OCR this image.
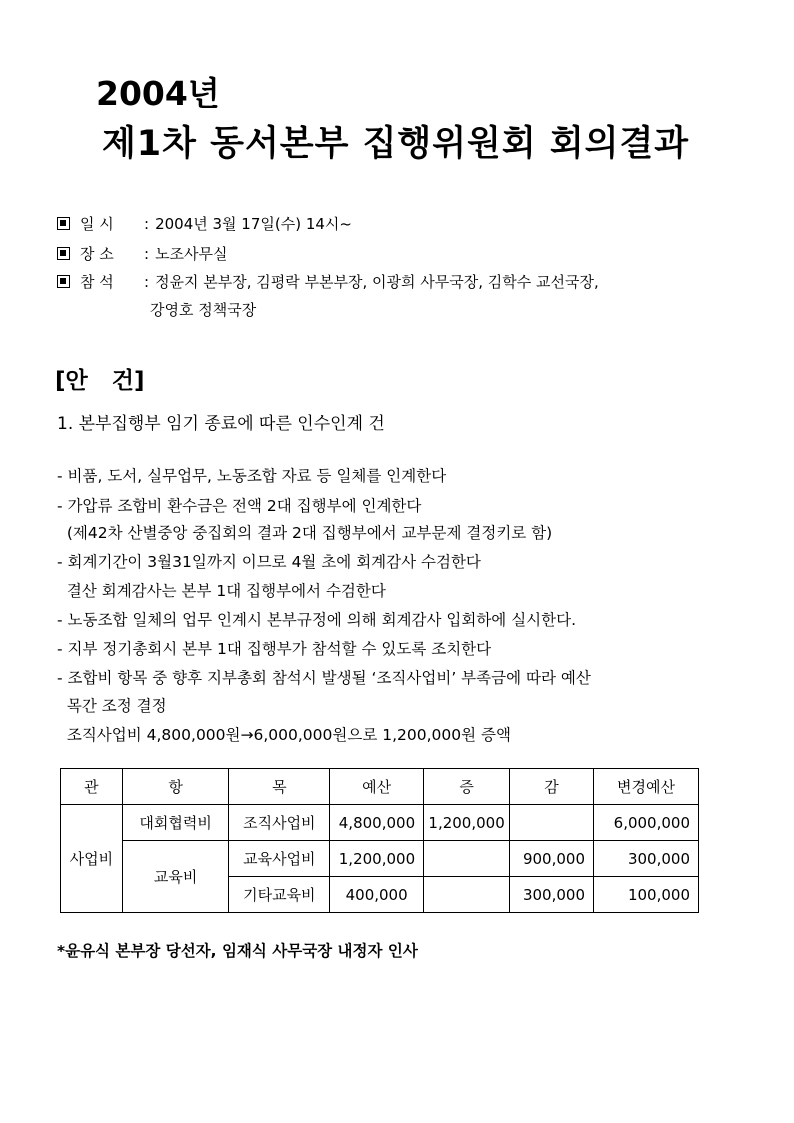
2004년
제1차 동서본부 집행위원회 회의결과
일 시 : 2004년 3월 17일(수) 14시~
장 소 : 노조사무실
참 석 : 정윤지 본부장, 김평락 부본부장, 이광희 사무국장, 김학수 교선국장,
강영호 정책국장
[안   건]
1. 본부집행부 임기 종료에 따른 인수인계 건
- 비품, 도서, 실무업무, 노동조합 자료 등 일체를 인계한다
- 가압류 조합비 환수금은 전액 2대 집행부에 인계한다
(제42차 산별중앙 중집회의 결과 2대 집행부에서 교부문제 결정키로 함)
- 회계기간이 3월31일까지 이므로 4월 초에 회계감사 수검한다
결산 회계감사는 본부 1대 집행부에서 수검한다
- 노동조합 일체의 업무 인계시 본부규정에 의해 회계감사 입회하에 실시한다.
- 지부 정기총회시 본부 1대 집행부가 참석할 수 있도록 조치한다
- 조합비 항목 중 향후 지부총회 참석시 발생될 ‘조직사업비’ 부족금에 따라 예산
목간 조정 결정
조직사업비 4,800,000원→6,000,000원으로 1,200,000원 증액
관	항	목	예산	증	감	변경예산
사업비	대회협력비	조직사업비	4,800,000	1,200,000		6,000,000
	교육비	교육사업비	1,200,000		900,000	300,000
		기타교육비	400,000		300,000	100,000
*윤유식 본부장 당선자, 임재식 사무국장 내정자 인사
